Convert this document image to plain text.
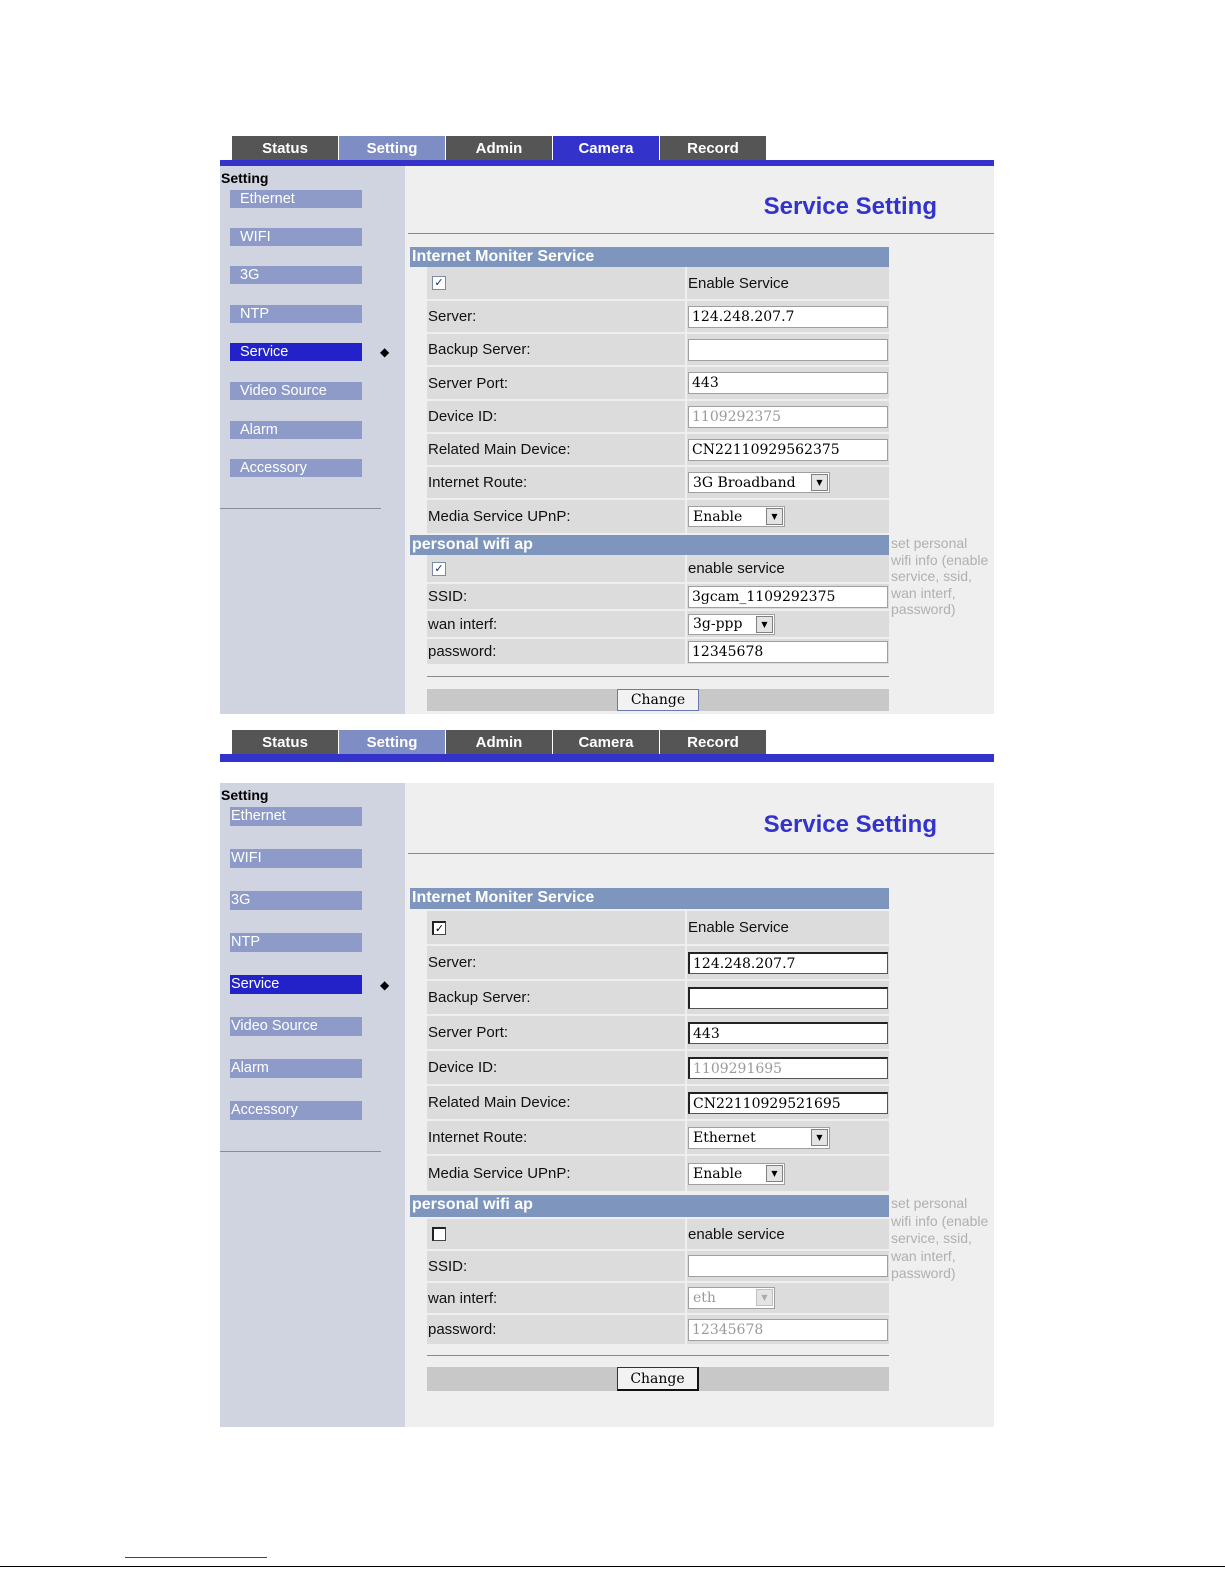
Status	Setting	Admin	Camera	Record
Setting
Ethernet
WIFI
3G
NTP
Service	◆
Video Source
Alarm
Accessory
Service Setting
Internet Moniter Service
✓	Enable Service
Server:	124.248.207.7
Backup Server:
Server Port:	443
Device ID:	1109292375
Related Main Device:	CN22110929562375
Internet Route:	3G Broadband	▼
Media Service UPnP:	Enable	▼
personal wifi ap	set personal wifi info (enable service, ssid, wan interf, password)
✓	enable service
SSID:	3gcam_1109292375
wan interf:	3g-ppp	▼
password:	12345678
Change
Status	Setting	Admin	Camera	Record
Setting
Ethernet
WIFI
3G
NTP
Service	◆
Video Source
Alarm
Accessory
Service Setting
Internet Moniter Service
✓	Enable Service
Server:	124.248.207.7
Backup Server:
Server Port:	443
Device ID:	1109291695
Related Main Device:	CN22110929521695
Internet Route:	Ethernet	▼
Media Service UPnP:	Enable	▼
personal wifi ap	set personal wifi info (enable service, ssid, wan interf, password)
enable service
SSID:
wan interf:	eth	▼
password:	12345678
Change
